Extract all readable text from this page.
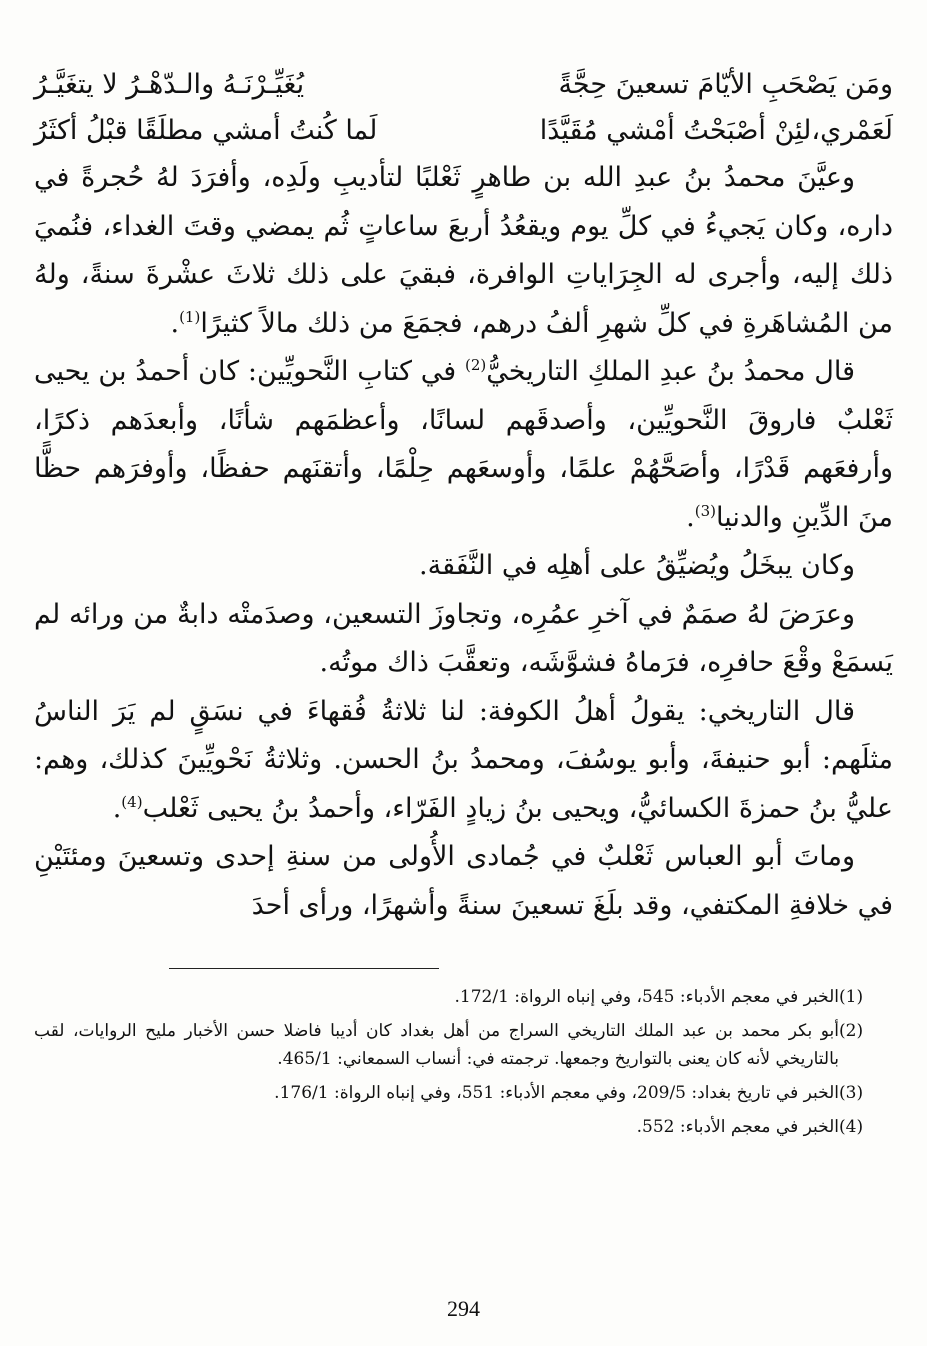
ومَن يَصْحَبِ الأيّامَ تسعينَ حِجَّةً
يُغَيِّـرْنَـهُ والـدّهْـرُ لا يتغَيَّـرُ
لَعَمْري،لئِنْ أصْبَحْتُ أمْشي مُقَيَّدًا
لَما كُنتُ أمشي مطلَقًا قبْلُ أكثَرُ

وعيَّنَ محمدُ بنُ عبدِ الله بن طاهرٍ ثَعْلبًا لتأديبِ ولَدِه، وأفرَدَ لهُ حُجرةً في داره، وكان يَجيءُ في كلِّ يوم ويقعُدُ أربعَ ساعاتٍ ثُم يمضي وقتَ الغداء، فنُميَ ذلك إليه، وأجرى له الجِرَاياتِ الوافرة، فبقيَ على ذلك ثلاثَ عشْرةَ سنةً، ولهُ من المُشاهَرةِ في كلِّ شهرِ ألفُ درهم، فجمَعَ من ذلك مالاً كثيرًا$^{(1)}$.

قال محمدُ بنُ عبدِ الملكِ التاريخيُّ$^{(2)}$ في كتابِ النَّحويِّين: كان أحمدُ بن يحيى ثَعْلبٌ فاروقَ النَّحويِّين، وأصدقَهم لسانًا، وأعظمَهم شأنًا، وأبعدَهم ذكرًا، وأرفعَهم قَدْرًا، وأصَحَّهُمْ علمًا، وأوسعَهم حِلْمًا، وأتقنَهم حفظًا، وأوفرَهم حظًّا منَ الدِّينِ والدنيا$^{(3)}$.

وكان يبخَلُ ويُضيِّقُ على أهلِه في النَّفَقة.

وعرَضَ لهُ صمَمٌ في آخرِ عمُرِه، وتجاوزَ التسعين، وصدَمتْه دابةٌ من ورائه لم يَسمَعْ وقْعَ حافرِه، فرَماهُ فشوَّشَه، وتعقَّبَ ذاك موتُه.

قال التاريخي: يقولُ أهلُ الكوفة: لنا ثلاثةُ فُقهاءَ في نسَقٍ لم يَرَ الناسُ مثلَهم: أبو حنيفةَ، وأبو يوسُفَ، ومحمدُ بنُ الحسن. وثلاثةُ نَحْويِّينَ كذلك، وهم: عليُّ بنُ حمزةَ الكسائيُّ، ويحيى بنُ زيادٍ الفَرّاء، وأحمدُ بنُ يحيى ثَعْلب$^{(4)}$.

وماتَ أبو العباس ثَعْلبٌ في جُمادى الأُولى من سنةِ إحدى وتسعينَ ومئتَيْنِ في خلافةِ المكتفي، وقد بلَغَ تسعينَ سنةً وأشهرًا، ورأى أحدَ

(1)
الخبر في معجم الأدباء: 545، وفي إنباه الرواة: 172/1.
(2)
أبو بكر محمد بن عبد الملك التاريخي السراج من أهل بغداد كان أديبا فاضلا حسن الأخبار مليح الروايات، لقب بالتاريخي لأنه كان يعنى بالتواريخ وجمعها. ترجمته في: أنساب السمعاني: 465/1.
(3)
الخبر في تاريخ بغداد: 209/5، وفي معجم الأدباء: 551، وفي إنباه الرواة: 176/1.
(4)
الخبر في معجم الأدباء: 552.
294
